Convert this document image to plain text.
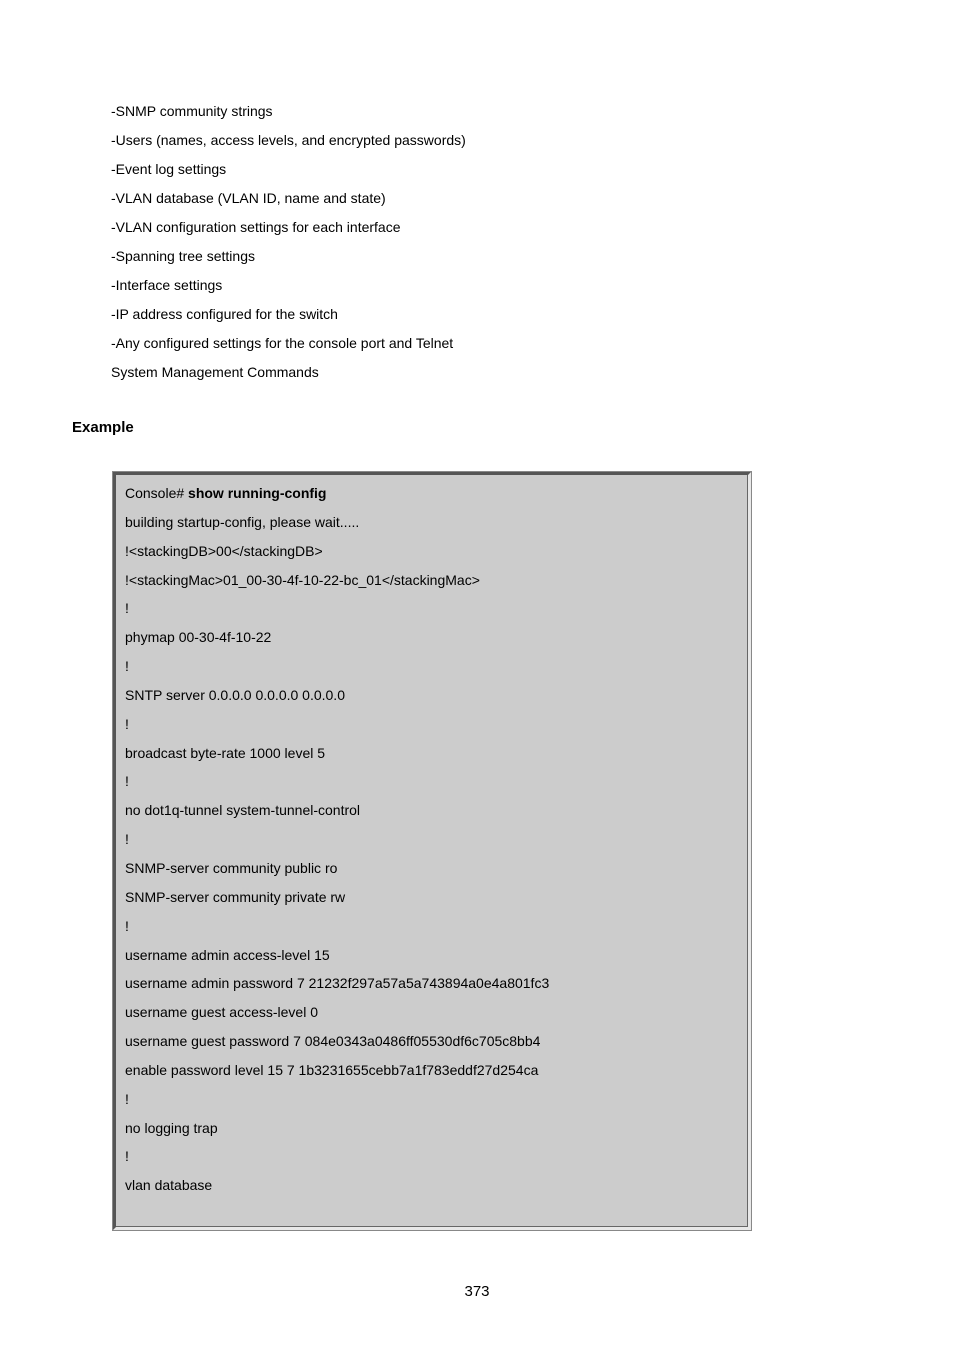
-SNMP community strings
-Users (names, access levels, and encrypted passwords)
-Event log settings
-VLAN database (VLAN ID, name and state)
-VLAN configuration settings for each interface
-Spanning tree settings
-Interface settings
-IP address configured for the switch
-Any configured settings for the console port and Telnet
System Management Commands
Example
Console# show running-config
building startup-config, please wait.....
!<stackingDB>00</stackingDB>
!<stackingMac>01_00-30-4f-10-22-bc_01</stackingMac>
!
phymap 00-30-4f-10-22
!
SNTP server 0.0.0.0 0.0.0.0 0.0.0.0
!
broadcast byte-rate 1000 level 5
!
no dot1q-tunnel system-tunnel-control
!
SNMP-server community public ro
SNMP-server community private rw
!
username admin access-level 15
username admin password 7 21232f297a57a5a743894a0e4a801fc3
username guest access-level 0
username guest password 7 084e0343a0486ff05530df6c705c8bb4
enable password level 15 7 1b3231655cebb7a1f783eddf27d254ca
!
no logging trap
!
vlan database
373
